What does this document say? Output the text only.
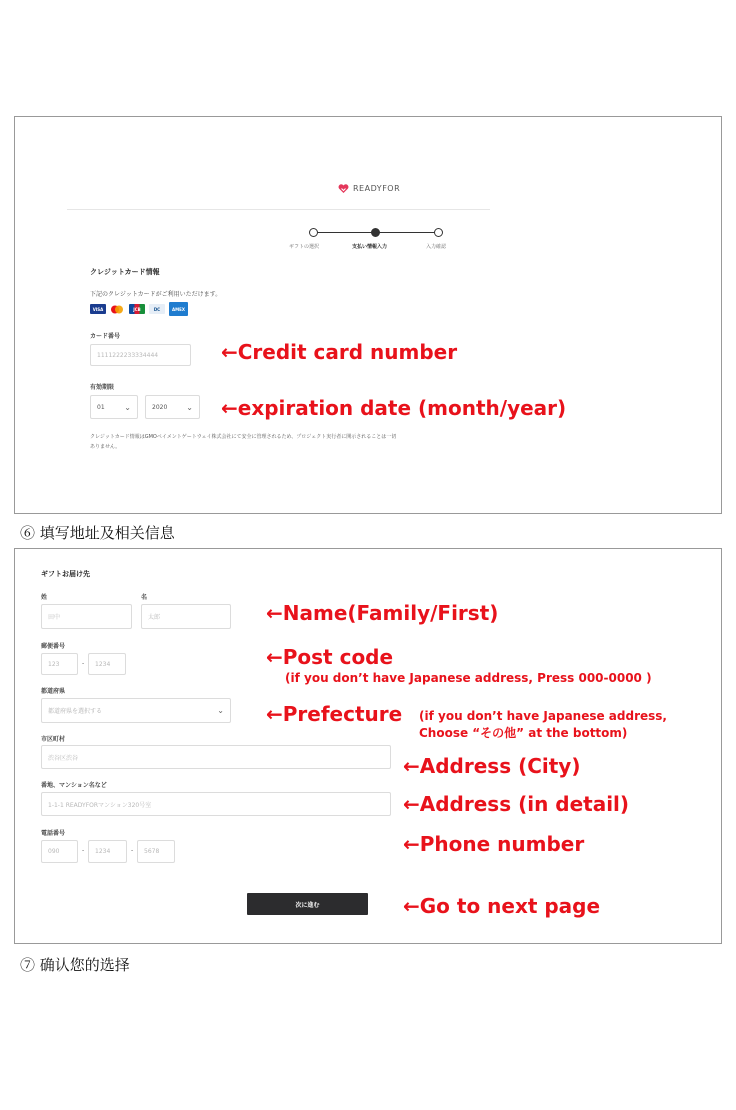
READYFOR
ギフトの選択	支払い情報入力	入力確認
クレジットカード情報
下記のクレジットカードがご利用いただけます。
VISA	JCB	DC	AMEX
カード番号
1111222233334444
有効期限
01 ⌄	2020 ⌄
クレジットカード情報はGMOペイメントゲートウェイ株式会社にて安全に管理されるため、プロジェクト実行者に開示されることは一切
ありません。
←Credit card number
←expiration date (month/year)
⑥ 填写地址及相关信息
ギフトお届け先
姓	名
田中	太郎
郵便番号
123	- 1234
都道府県
都道府県を選択する	⌄
市区町村
渋谷区渋谷
番地、マンション名など
1-1-1 READYFORマンション320号室
電話番号
090	- 1234	- 5678
次に進む
←Name(Family/First)
←Post code
(if you don’t have Japanese address, Press 000-0000 )
←Prefecture (if you don’t have Japanese address,
Choose “その他” at the bottom)
←Address (City)
←Address (in detail)
←Phone number
←Go to next page
⑦ 确认您的选择
